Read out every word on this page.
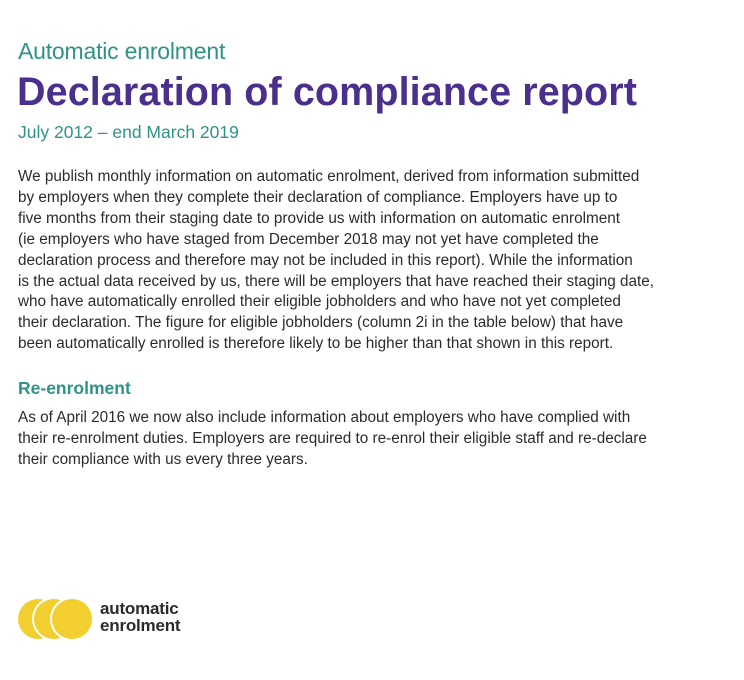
Automatic enrolment
Declaration of compliance report
July 2012 – end March 2019
We publish monthly information on automatic enrolment, derived from information submitted
by employers when they complete their declaration of compliance. Employers have up to
five months from their staging date to provide us with information on automatic enrolment
(ie employers who have staged from December 2018 may not yet have completed the
declaration process and therefore may not be included in this report). While the information
is the actual data received by us, there will be employers that have reached their staging date,
who have automatically enrolled their eligible jobholders and who have not yet completed
their declaration. The figure for eligible jobholders (column 2i in the table below) that have
been automatically enrolled is therefore likely to be higher than that shown in this report.
Re-enrolment
As of April 2016 we now also include information about employers who have complied with
their re-enrolment duties. Employers are required to re-enrol their eligible staff and re-declare
their compliance with us every three years.
automatic
enrolment
